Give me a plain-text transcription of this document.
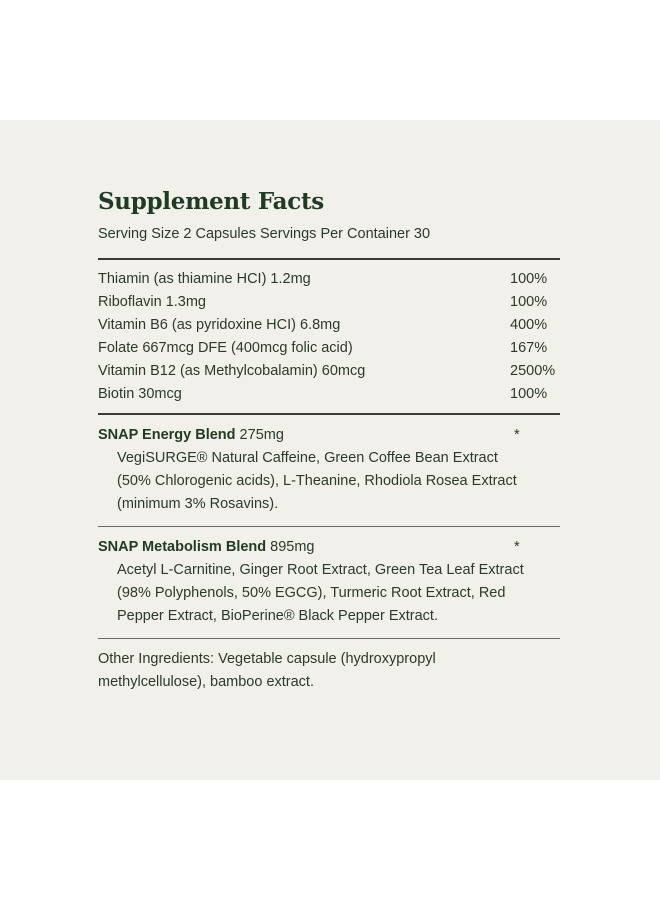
Supplement Facts
Serving Size 2 Capsules Servings Per Container 30
Thiamin (as thiamine HCI) 1.2mg	100%
Riboflavin 1.3mg	100%
Vitamin B6 (as pyridoxine HCI) 6.8mg	400%
Folate 667mcg DFE (400mcg folic acid)	167%
Vitamin B12 (as Methylcobalamin) 60mcg	2500%
Biotin 30mcg	100%
SNAP Energy Blend 275mg	*
VegiSURGE® Natural Caffeine, Green Coffee Bean Extract (50% Chlorogenic acids), L-Theanine, Rhodiola Rosea Extract (minimum 3% Rosavins).
SNAP Metabolism Blend 895mg	*
Acetyl L-Carnitine, Ginger Root Extract, Green Tea Leaf Extract (98% Polyphenols, 50% EGCG), Turmeric Root Extract, Red Pepper Extract, BioPerine® Black Pepper Extract.
Other Ingredients: Vegetable capsule (hydroxypropyl methylcellulose), bamboo extract.
